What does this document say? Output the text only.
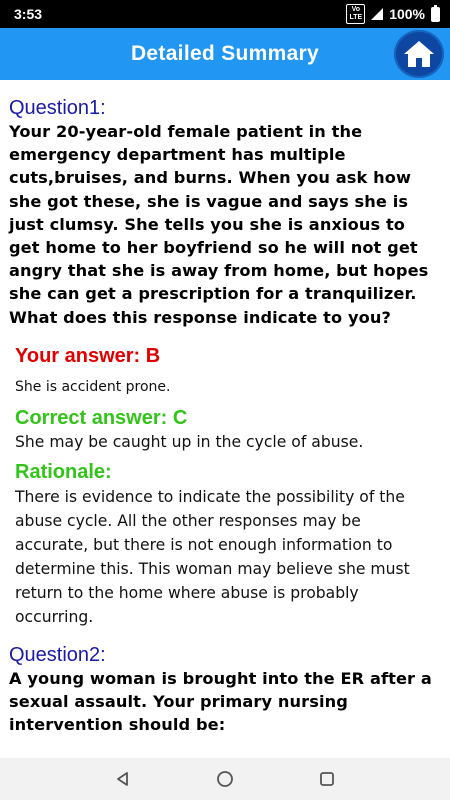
3:53	Vo
LTE 100%
Detailed Summary

Question1:

Your 20-year-old female patient in the emergency department has multiple cuts,bruises, and burns. When you ask how she got these, she is vague and says she is just clumsy. She tells you she is anxious to get home to her boyfriend so he will not get angry that she is away from home, but hopes she can get a prescription for a tranquilizer. What does this response indicate to you?

Your answer: B

She is accident prone.

Correct answer: C

She may be caught up in the cycle of abuse.

Rationale:

There is evidence to indicate the possibility of the abuse cycle. All the other responses may be accurate, but there is not enough information to determine this. This woman may believe she must return to the home where abuse is probably occurring.

Question2:

A young woman is brought into the ER after a sexual assault. Your primary nursing intervention should be:
